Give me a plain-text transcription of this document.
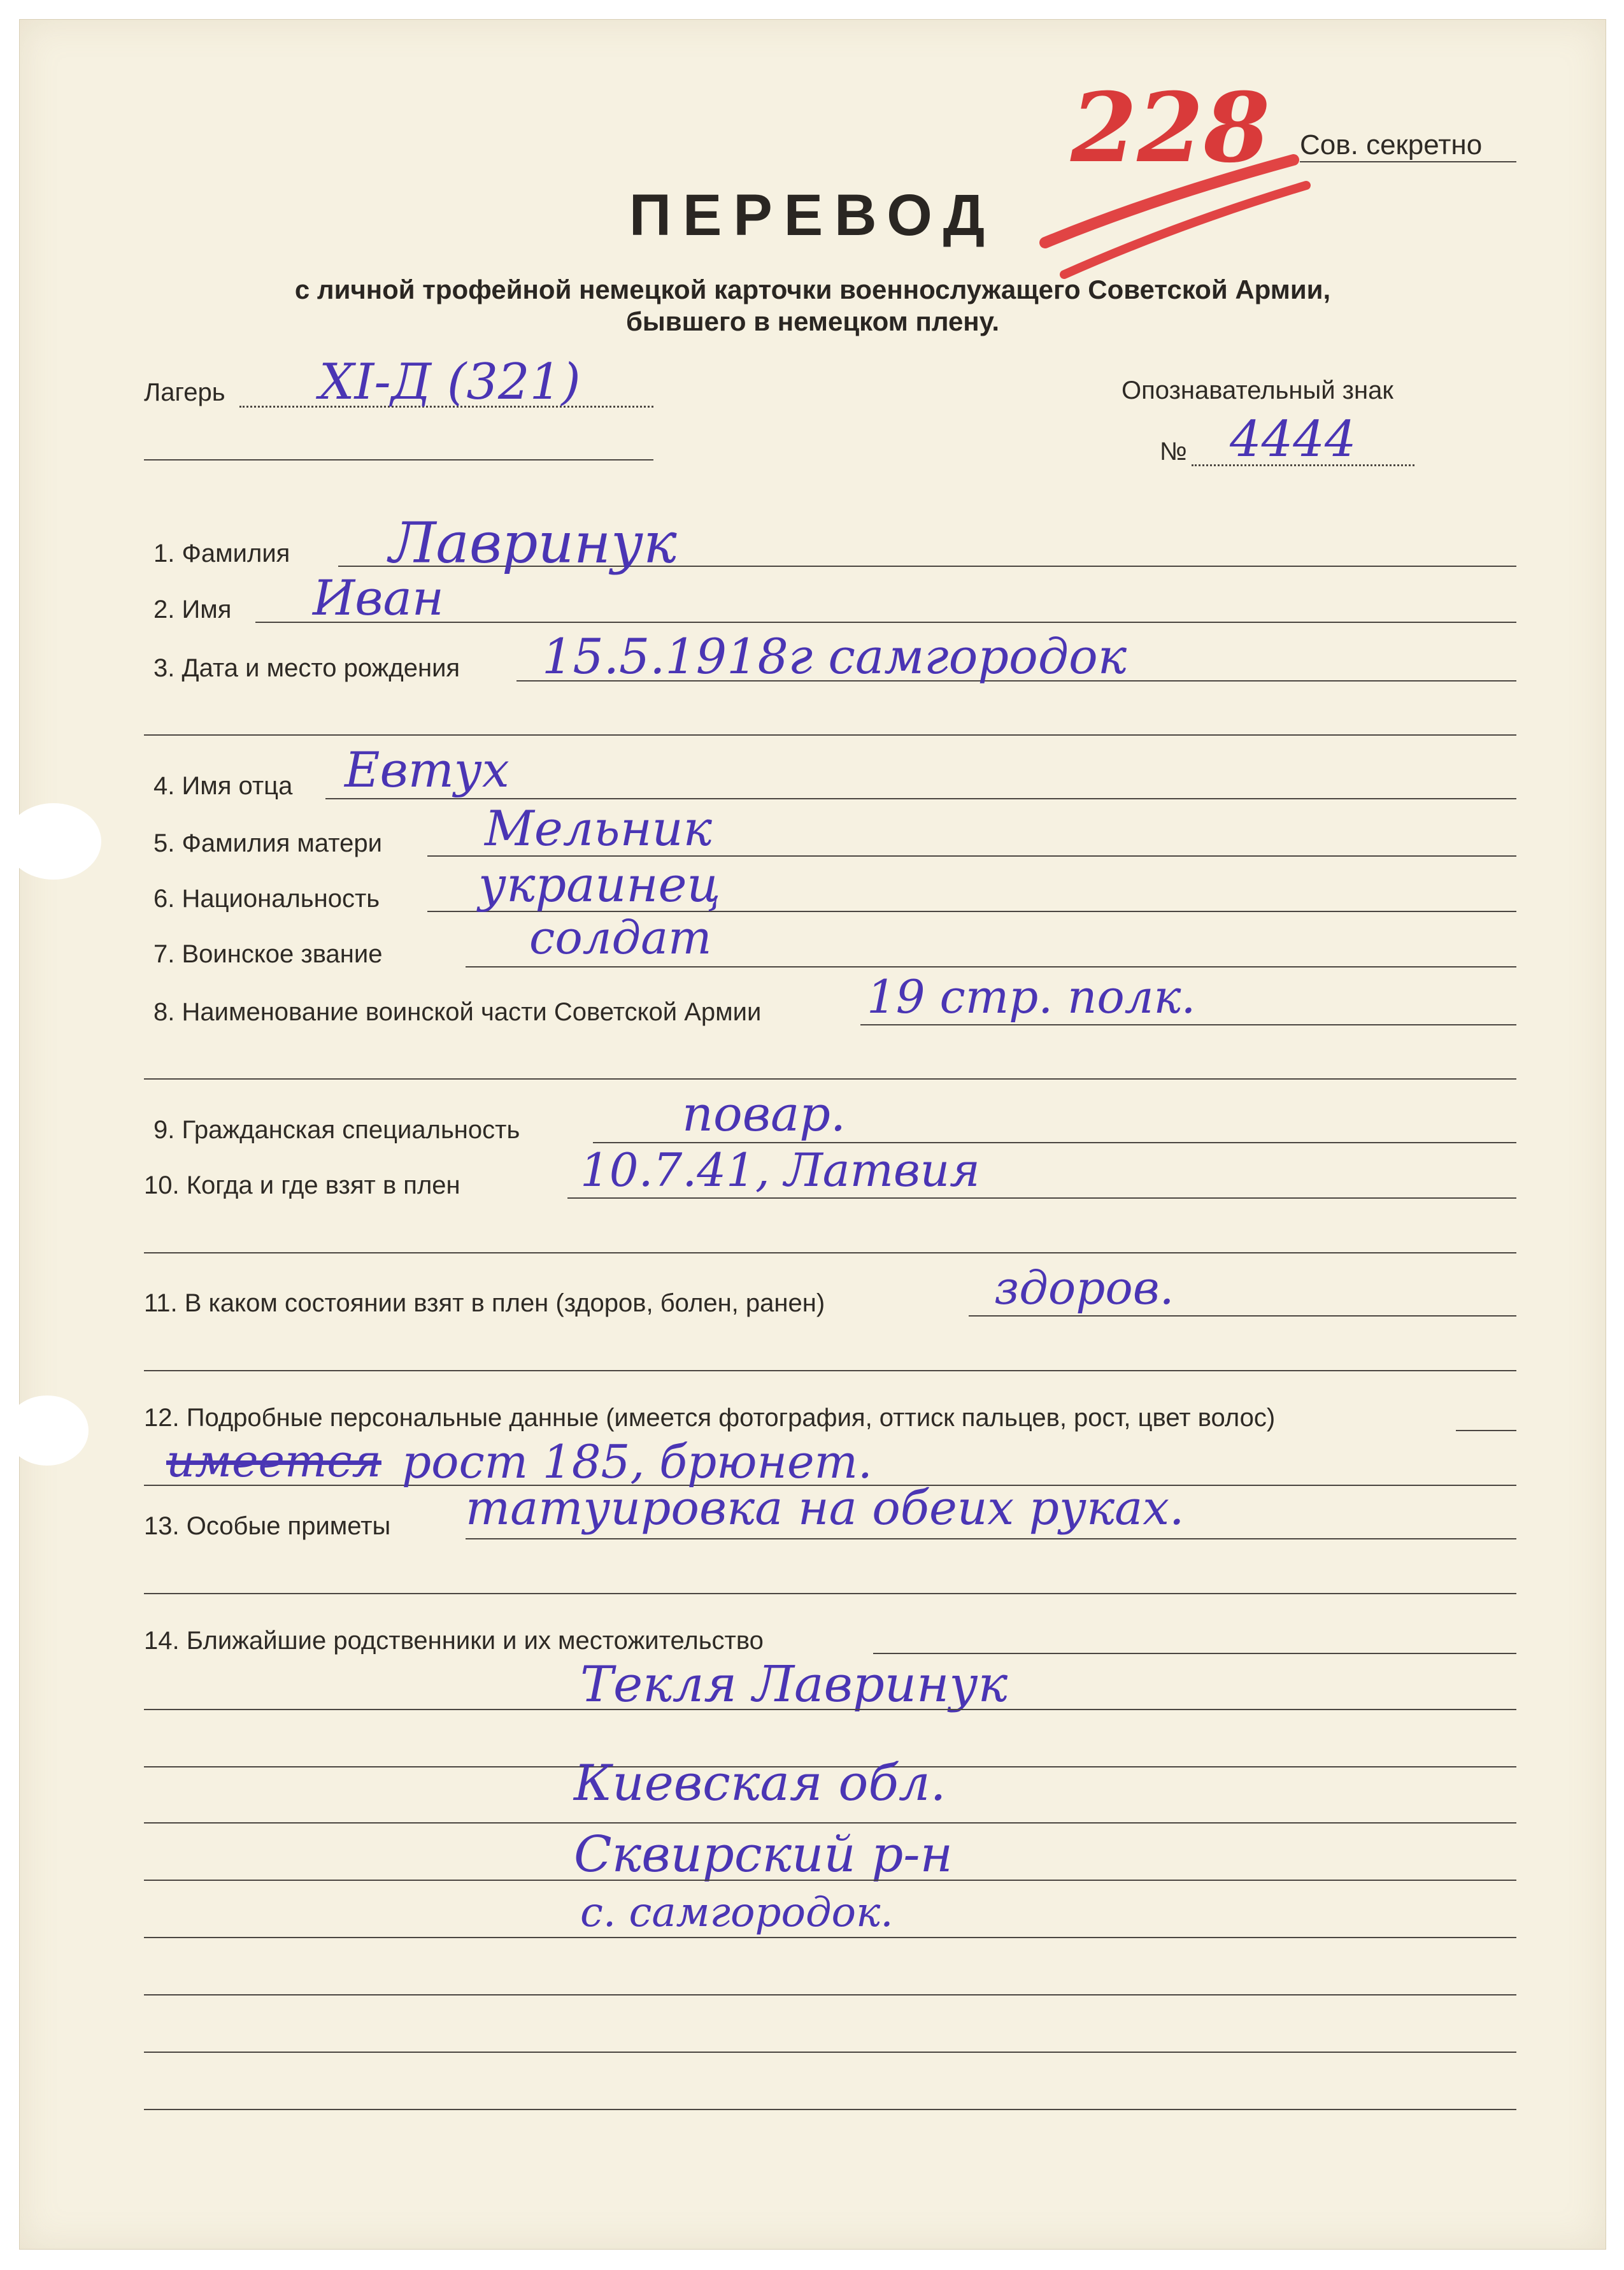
228 Сов. секретно
ПЕРЕВОД
с личной трофейной немецкой карточки военнослужащего Советской Армии,
бывшего в немецком плену.
Лагерь XI-Д (321)	Опознавательный знак
№ 4444
1. Фамилия Лавринук
2. Имя Иван
3. Дата и место рождения 15.5.1918г самгородок
4. Имя отца Евтух
5. Фамилия матери Мельник
6. Национальность украинец
7. Воинское звание	солдат
8. Наименование воинской части Советской Армии 19 стр. полк.
9. Гражданская специальность	повар.
10. Когда и где взят в плен	10.7.41, Латвия
11. В каком состоянии взят в плен (здоров, болен, ранен)	здоров.
12. Подробные персональные данные (имеется фотография, оттиск пальцев, рост, цвет волос)
имеется рост 185, брюнет.
13. Особые приметы татуировка на обеих руках.
14. Ближайшие родственники и их местожительство
Текля Лавринук
Киевская обл.
Сквирский р-н
с. самгородок.
